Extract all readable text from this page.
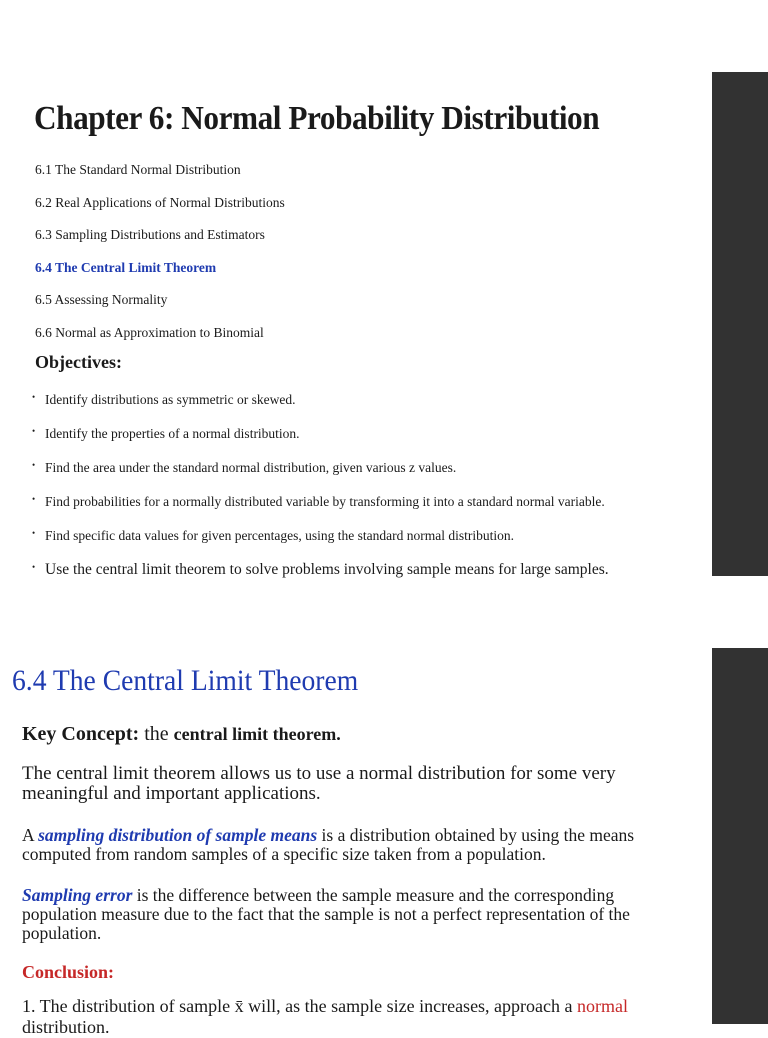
Chapter 6: Normal Probability Distribution
6.1 The Standard Normal Distribution
6.2 Real Applications of Normal Distributions
6.3 Sampling Distributions and Estimators
6.4 The Central Limit Theorem
6.5 Assessing Normality
6.6 Normal as Approximation to Binomial
Objectives:
• Identify distributions as symmetric or skewed.
• Identify the properties of a normal distribution.
• Find the area under the standard normal distribution, given various z values.
• Find probabilities for a normally distributed variable by transforming it into a standard normal variable.
• Find specific data values for given percentages, using the standard normal distribution.
• Use the central limit theorem to solve problems involving sample means for large samples.
6.4 The Central Limit Theorem

Key Concept: the central limit theorem.

The central limit theorem allows us to use a normal distribution for some very meaningful and important applications.

A sampling distribution of sample means is a distribution obtained by using the means computed from random samples of a specific size taken from a population.

Sampling error is the difference between the sample measure and the corresponding population measure due to the fact that the sample is not a perfect representation of the population.

Conclusion:

1. The distribution of sample x̄ will, as the sample size increases, approach a normal

distribution.
